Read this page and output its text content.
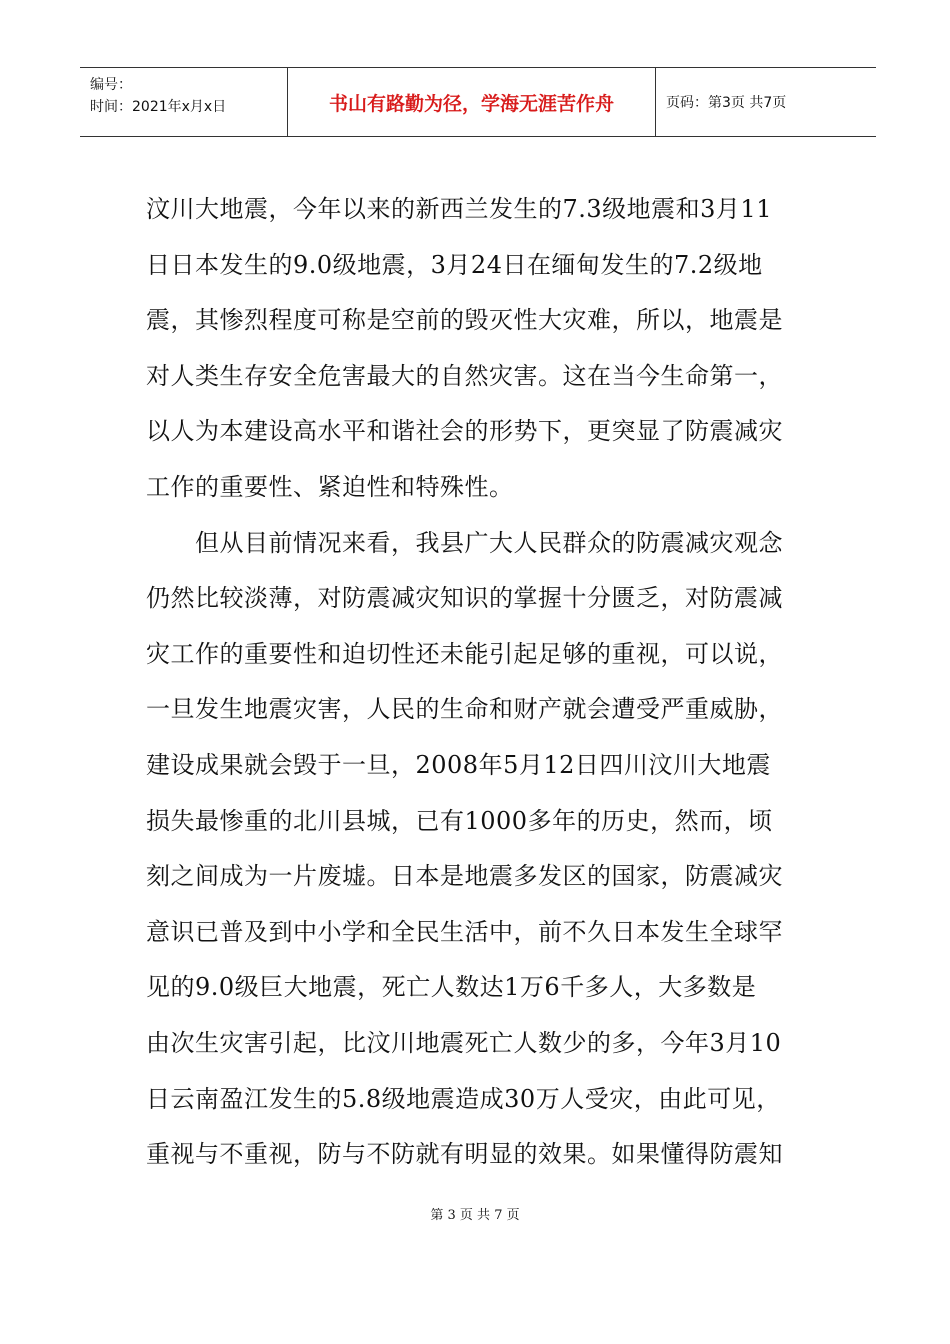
编号：
时间：2021年x月x日	书山有路勤为径，学海无涯苦作舟	页码：第3页 共7页
汶川大地震，今年以来的新西兰发生的7.3级地震和3月11
日日本发生的9.0级地震，3月24日在缅甸发生的7.2级地
震，其惨烈程度可称是空前的毁灭性大灾难，所以，地震是
对人类生存安全危害最大的自然灾害。这在当今生命第一，
以人为本建设高水平和谐社会的形势下，更突显了防震减灾
工作的重要性、紧迫性和特殊性。
　　但从目前情况来看，我县广大人民群众的防震减灾观念
仍然比较淡薄，对防震减灾知识的掌握十分匮乏，对防震减
灾工作的重要性和迫切性还未能引起足够的重视，可以说，
一旦发生地震灾害，人民的生命和财产就会遭受严重威胁，
建设成果就会毁于一旦，2008年5月12日四川汶川大地震
损失最惨重的北川县城，已有1000多年的历史，然而，顷
刻之间成为一片废墟。日本是地震多发区的国家，防震减灾
意识已普及到中小学和全民生活中，前不久日本发生全球罕
见的9.0级巨大地震，死亡人数达1万6千多人，大多数是
由次生灾害引起，比汶川地震死亡人数少的多，今年3月10
日云南盈江发生的5.8级地震造成30万人受灾，由此可见，
重视与不重视，防与不防就有明显的效果。如果懂得防震知
第 3 页 共 7 页
